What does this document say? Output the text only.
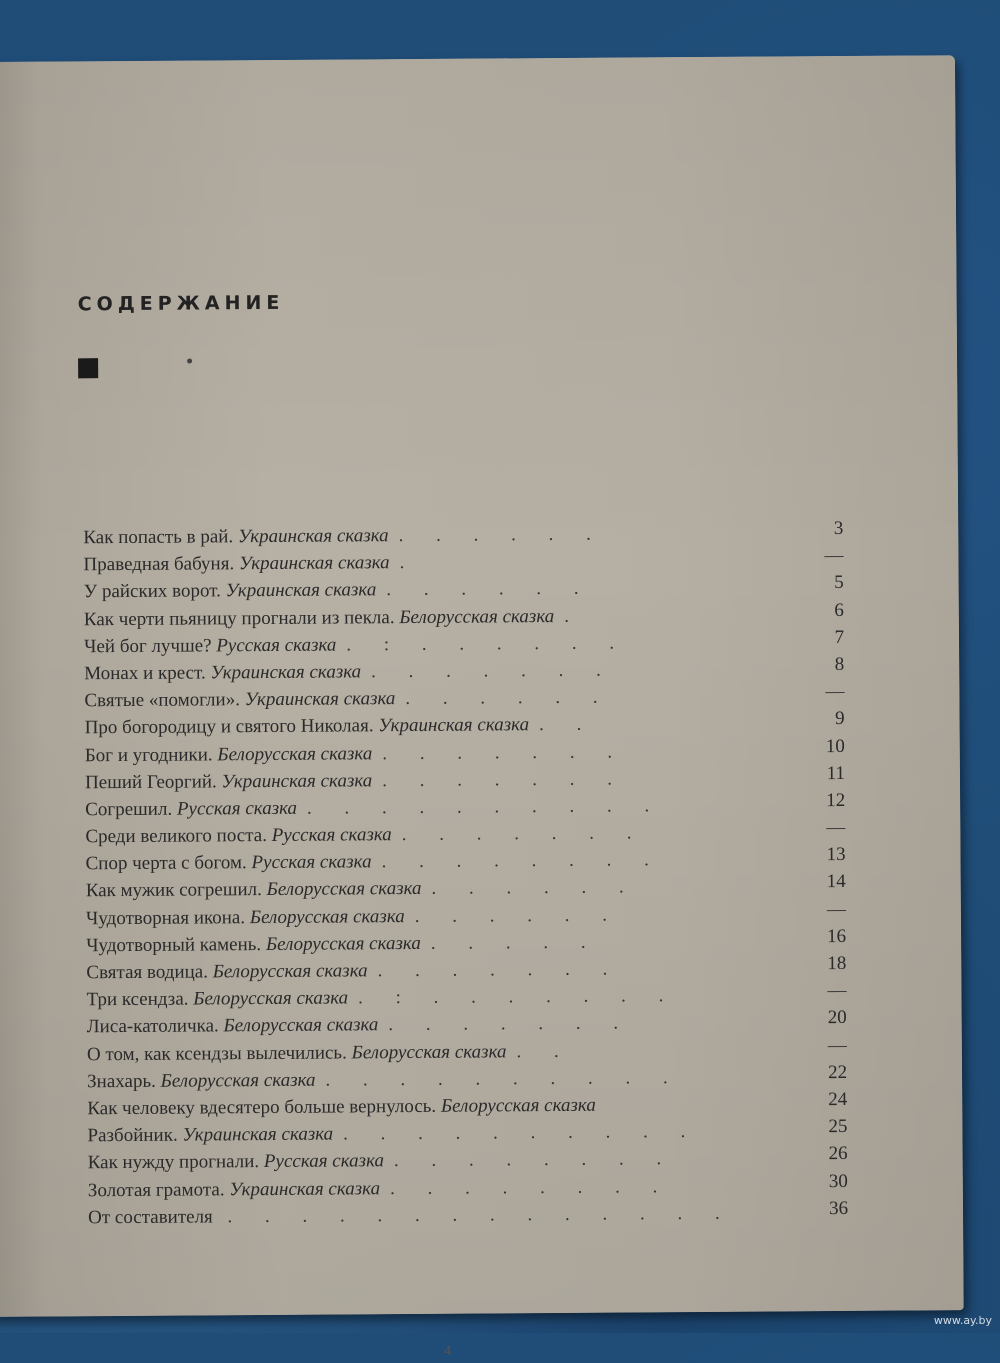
СОДЕРЖАНИЕ
Как попасть в рай. Украинская сказка . . . . . .	3
Праведная бабуня. Украинская сказка .	—
У райских ворот. Украинская сказка . . . . . .	5
Как черти пьяницу прогнали из пекла. Белорусская сказка .	6
Чей бог лучше? Русская сказка . : . . . . . .	7
Монах и крест. Украинская сказка . . . . . . .	8
Святые «помогли». Украинская сказка . . . . . .	—
Про богородицу и святого Николая. Украинская сказка . .	9
Бог и угодники. Белорусская сказка . . . . . . .	10
Пеший Георгий. Украинская сказка . . . . . . .	11
Согрешил. Русская сказка . . . . . . . . . .	12
Среди великого поста. Русская сказка . . . . . . .	—
Спор черта с богом. Русская сказка . . . . . . . .	13
Как мужик согрешил. Белорусская сказка . . . . . .	14
Чудотворная икона. Белорусская сказка . . . . . .	—
Чудотворный камень. Белорусская сказка . . . . .	16
Святая водица. Белорусская сказка . . . . . . .	18
Три ксендза. Белорусская сказка . : . . . . . . .	—
Лиса-католичка. Белорусская сказка . . . . . . .	20
О том, как ксендзы вылечились. Белорусская сказка . .	—
Знахарь. Белорусская сказка . . . . . . . . . .	22
Как человеку вдесятеро больше вернулось. Белорусская сказка	24
Разбойник. Украинская сказка . . . . . . . . . .	25
Как нужду прогнали. Русская сказка . . . . . . . .	26
Золотая грамота. Украинская сказка . . . . . . . .	30
От составителя . . . . . . . . . . . . . .	36
4
www.ay.by
